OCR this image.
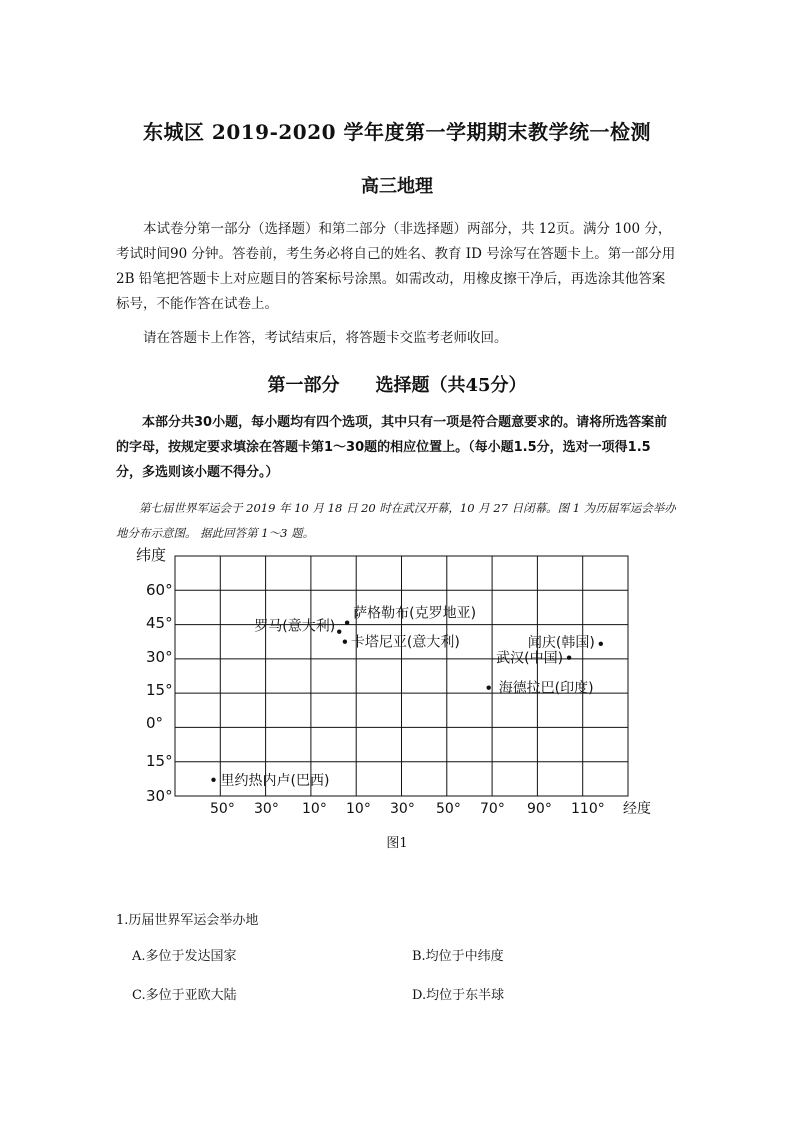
东城区 2019-2020 学年度第一学期期末教学统一检测
高三地理

本试卷分第一部分（选择题）和第二部分（非选择题）两部分，共 12页。满分 100 分，考试时间90 分钟。答卷前，考生务必将自己的姓名、教育 ID 号涂写在答题卡上。第一部分用 2B 铅笔把答题卡上对应题目的答案标号涂黑。如需改动，用橡皮擦干净后，再选涂其他答案标号，不能作答在试卷上。

请在答题卡上作答，考试结束后，将答题卡交监考老师收回。

第一部分　　选择题（共45分）

本部分共30小题，每小题均有四个选项，其中只有一项是符合题意要求的。请将所选答案前的字母，按规定要求填涂在答题卡第1～30题的相应位置上。（每小题1.5分，选对一项得1.5分，多选则该小题不得分。）

第七届世界军运会于 2019 年 10 月 18 日 20 时在武汉开幕，10 月 27 日闭幕。图 1 为历届军运会举办地分布示意图。 据此回答第 1～3 题。

纬度
经度
60°
45°
30°
15°
0°
15°
30°
50° 30° 10° 10° 30° 50° 70° 90° 110°
萨格勒布(克罗地亚)
罗马(意大利)
卡塔尼亚(意大利)	闻庆(韩国)
武汉(中国)
海德拉巴(印度)
里约热内卢(巴西)
图1
1.历届世界军运会举办地
A.多位于发达国家	B.均位于中纬度
C.多位于亚欧大陆	D.均位于东半球
